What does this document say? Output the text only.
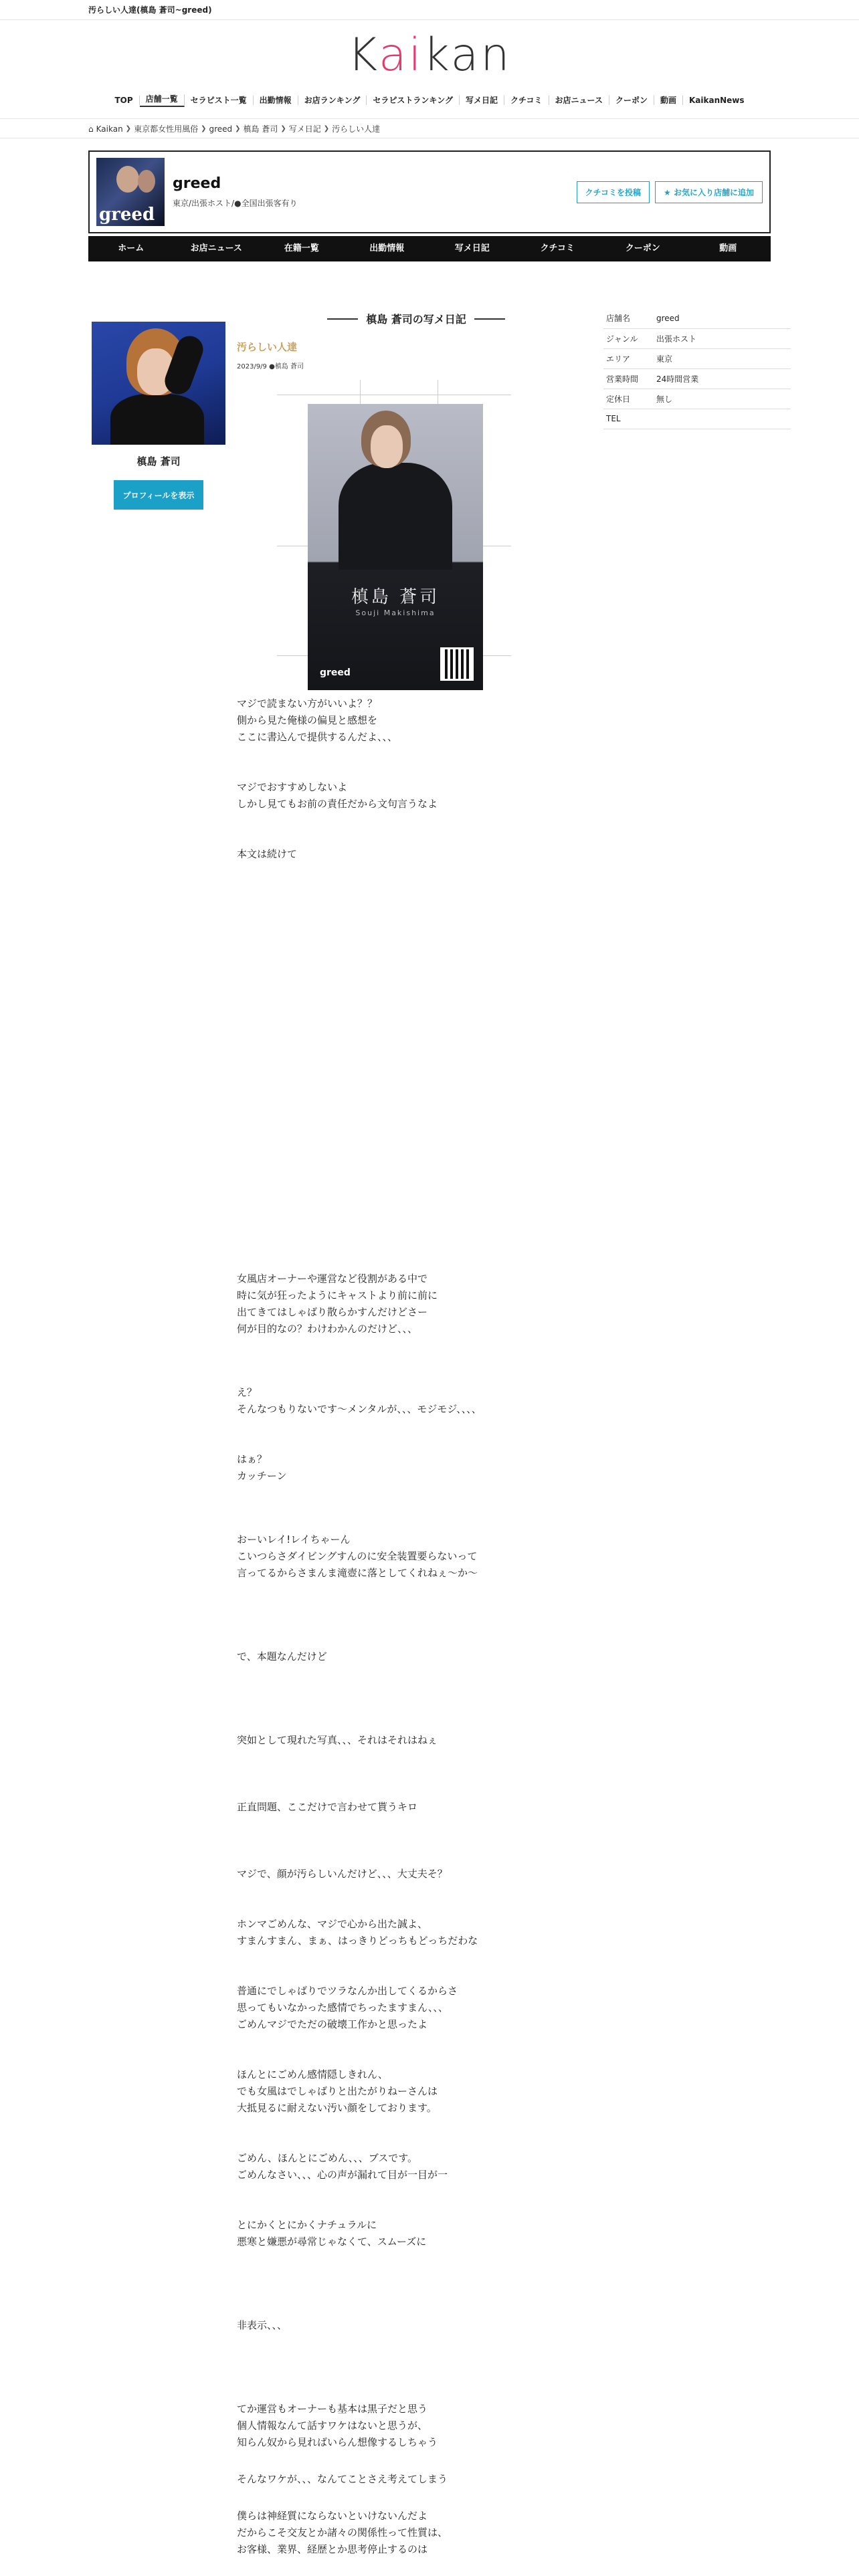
汚らしい人達(槙島 蒼司~greed)
Kaikan
TOP	店舗一覧	セラピスト一覧	出勤情報	お店ランキング	セラピストランキング	写メ日記	クチコミ	お店ニュース	クーポン	動画	KaikanNews
⌂ Kaikan ❯ 東京都女性用風俗 ❯ greed ❯ 槙島 蒼司 ❯ 写メ日記 ❯ 汚らしい人達
greed
greed
東京/出張ホスト/●全国出張客有り
クチコミを投稿	★ お気に入り店舗に追加
ホーム	お店ニュース	在籍一覧	出勤情報	写メ日記	クチコミ	クーポン	動画
槙島 蒼司
プロフィールを表示
槙島 蒼司の写メ日記
汚らしい人達
2023/9/9 ●槙島 蒼司
槙島 蒼司
Souji Makishima
greed

マジで読まない方がいいよ？？
側から見た俺様の偏見と感想を
ここに書込んで提供するんだよ、、、

マジでおすすめしないよ
しかし見てもお前の責任だから文句言うなよ

本文は続けて

女風店オーナーや運営など役割がある中で
時に気が狂ったようにキャストより前に前に
出てきてはしゃばり散らかすんだけどさー
何が目的なの？わけわかんのだけど、、、

え？
そんなつもりないです〜メンタルが、、、モジモジ、、、、

はぁ？
カッチーン

おーいレイ!レイちゃーん
こいつらさダイビングすんのに安全装置要らないって
言ってるからさまんま滝壺に落としてくれねぇ〜か〜

で、本題なんだけど

突如として現れた写真、、、それはそれはねぇ

正直問題、ここだけで言わせて貰うキロ

マジで、顔が汚らしいんだけど、、、大丈夫そ？

ホンマごめんな、マジで心から出た誠よ、
すまんすまん、まぁ、はっきりどっちもどっちだわな

普通にでしゃばりでツラなんか出してくるからさ
思ってもいなかった感情でちったますまん、、、
ごめんマジでただの破壊工作かと思ったよ

ほんとにごめん感情隠しきれん、
でも女風はでしゃばりと出たがりねーさんは
大抵見るに耐えない汚い顔をしております。

ごめん、ほんとにごめん、、、ブスです。
ごめんなさい、、、心の声が漏れて目が一目が一

とにかくとにかくナチュラルに
悪寒と嫌悪が尋常じゃなくて、スムーズに

非表示、、、

てか運営もオーナーも基本は黒子だと思う
個人情報なんて話すワケはないと思うが、
知らん奴から見ればいらん想像するしちゃう

そんなワケが、、、なんてことさえ考えてしまう

僕らは神経質にならないといけないんだよ
だからこそ交友とか諸々の関係性って性質は、
お客様、業界、経歴とか思考停止するのは

店舗名	greed
ジャンル	出張ホスト
エリア	東京
営業時間	24時間営業
定休日	無し
TEL	
